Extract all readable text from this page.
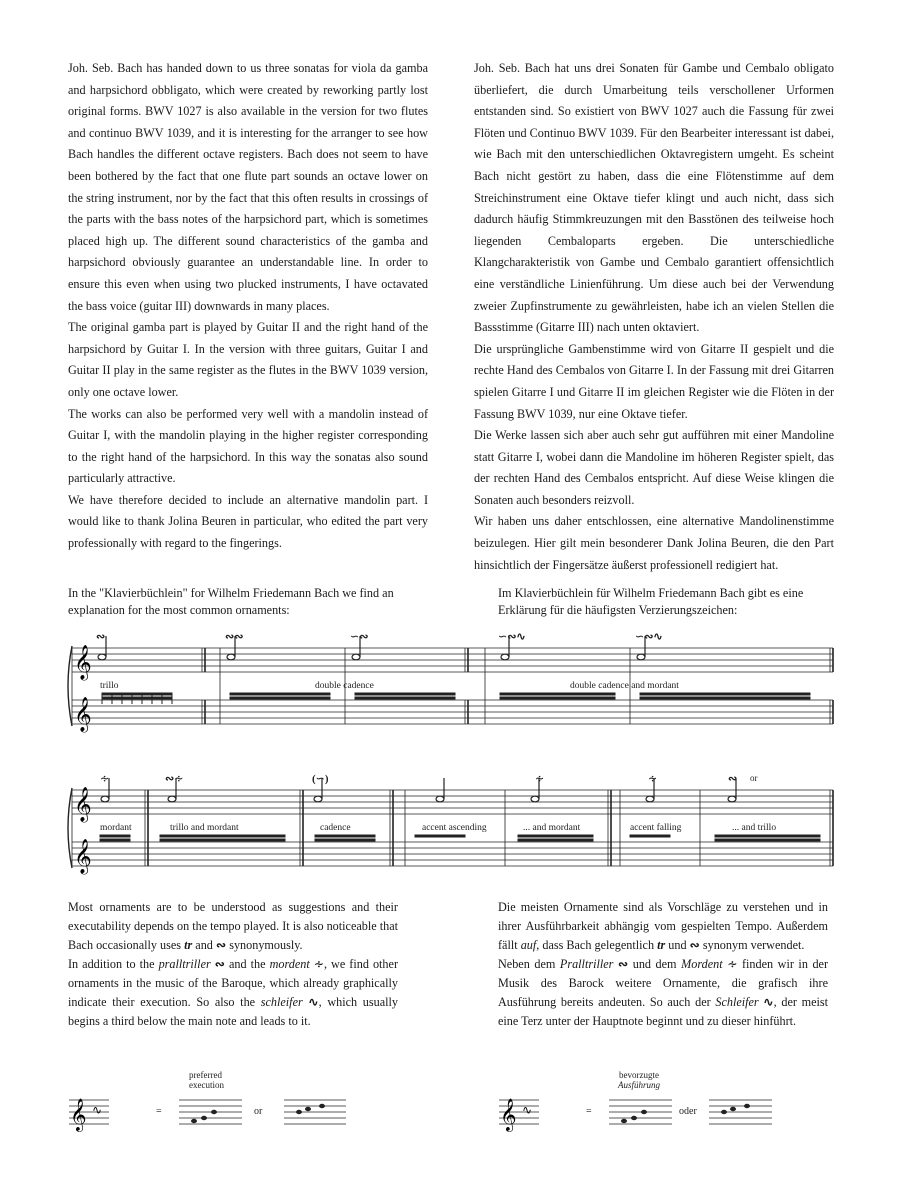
Joh. Seb. Bach has handed down to us three sonatas for viola da gamba and harpsichord obbligato, which were created by reworking partly lost original forms. BWV 1027 is also available in the version for two flutes and continuo BWV 1039, and it is interesting for the arranger to see how Bach handles the different octave registers. Bach does not seem to have been bothered by the fact that one flute part sounds an octave lower on the string instrument, nor by the fact that this often results in crossings of the parts with the bass notes of the harpsichord part, which is sometimes placed high up. The different sound characteristics of the gamba and harpsichord obviously guarantee an understandable line. In order to ensure this even when using two plucked instruments, I have octavated the bass voice (guitar III) downwards in many places.

The original gamba part is played by Guitar II and the right hand of the harpsichord by Guitar I. In the version with three guitars, Guitar I and Guitar II play in the same register as the flutes in the BWV 1039 version, only one octave lower.

The works can also be performed very well with a mandolin instead of Guitar I, with the mandolin playing in the higher register corresponding to the right hand of the harpsichord. In this way the sonatas also sound particularly attractive.

We have therefore decided to include an alternative mandolin part. I would like to thank Jolina Beuren in particular, who edited the part very professionally with regard to the fingerings.

Joh. Seb. Bach hat uns drei Sonaten für Gambe und Cembalo obligato überliefert, die durch Umarbeitung teils verschollener Urformen entstanden sind. So existiert von BWV 1027 auch die Fassung für zwei Flöten und Continuo BWV 1039. Für den Bearbeiter interessant ist dabei, wie Bach mit den unterschiedlichen Oktavregistern umgeht. Es scheint Bach nicht gestört zu haben, dass die eine Flötenstimme auf dem Streichinstrument eine Oktave tiefer klingt und auch nicht, dass sich dadurch häufig Stimmkreuzungen mit den Basstönen des teilweise hoch liegenden Cembaloparts ergeben. Die unterschiedliche Klangcharakteristik von Gambe und Cembalo garantiert offensichtlich eine verständliche Linienführung. Um diese auch bei der Verwendung zweier Zupfinstrumente zu gewährleisten, habe ich an vielen Stellen die Bassstimme (Gitarre III) nach unten oktaviert.

Die ursprüngliche Gambenstimme wird von Gitarre II gespielt und die rechte Hand des Cembalos von Gitarre I. In der Fassung mit drei Gitarren spielen Gitarre I und Gitarre II im gleichen Register wie die Flöten in der Fassung BWV 1039, nur eine Oktave tiefer.

Die Werke lassen sich aber auch sehr gut aufführen mit einer Mandoline statt Gitarre I, wobei dann die Mandoline im höheren Register spielt, das der rechten Hand des Cembalos entspricht. Auf diese Weise klingen die Sonaten auch besonders reizvoll.

Wir haben uns daher entschlossen, eine alternative Mandolinenstimme beizulegen. Hier gilt mein besonderer Dank Jolina Beuren, die den Part hinsichtlich der Fingersätze äußerst professionell redigiert hat.

In the "Klavierbüchlein" for Wilhelm Friedemann Bach we find an explanation for the most common ornaments:
Im Klavierbüchlein für Wilhelm Friedemann Bach gibt es eine Erklärung für die häufigsten Verzierungszeichen:
𝄞
𝄞
∾	∾∾	∽∾	∽∾∿	∽∾∿
trillo	double cadence	double cadence and mordant
𝄞
𝄞
∻	∾∻	(∽)	∻	∻	∾ or
mordant	trillo and mordant	cadence	accent ascending	... and mordant	accent falling	... and trillo

Most ornaments are to be understood as suggestions and their executability depends on the tempo played. It is also noticeable that Bach occasionally uses tr and ∾ synonymously.

In addition to the pralltriller ∾ and the mordent ∻, we find other ornaments in the music of the Baroque, which already graphically indicate their execution. So also the schleifer ∿, which usually begins a third below the main note and leads to it.

Die meisten Ornamente sind als Vorschläge zu verstehen und in ihrer Ausführbarkeit abhängig vom gespielten Tempo. Außerdem fällt auf, dass Bach gelegentlich tr und ∾ synonym verwendet.

Neben dem Pralltriller ∾ und dem Mordent ∻ finden wir in der Musik des Barock weitere Ornamente, die grafisch ihre Ausführung bereits andeuten. So auch der Schleifer ∿, der meist eine Terz unter der Hauptnote beginnt und zu dieser hinführt.

𝄞 ∿	=	or
preferred
execution
𝄞 ∿	=	oder
bevorzugte
Ausführung
